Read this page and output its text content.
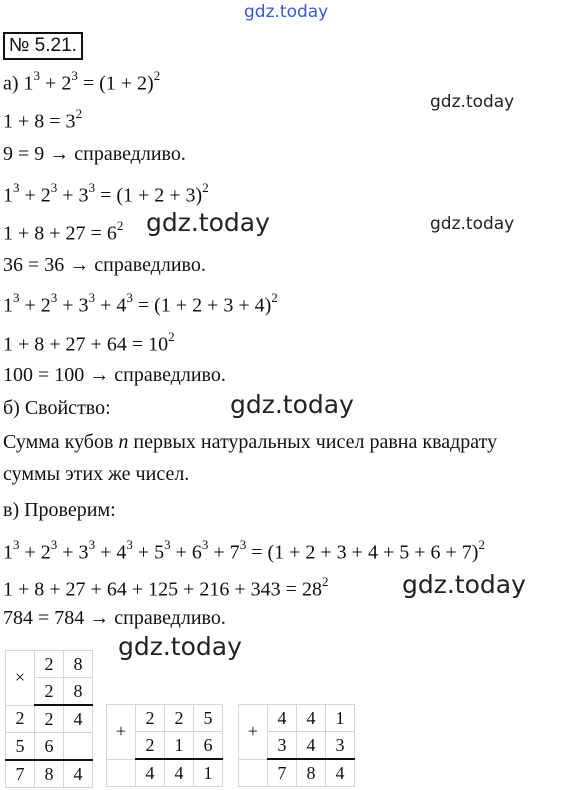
gdz.today
gdz.today
gdz.today
gdz.today
gdz.today
gdz.today
gdz.today
№ 5.21.
а) $1^3 + 2^3 = (1 + 2)^2$
$1 + 8 = 3^2$
9 = 9 → справедливо.
$1^3 + 2^3 + 3^3 = (1 + 2 + 3)^2$
$1 + 8 + 27 = 6^2$
36 = 36 → справедливо.
$1^3 + 2^3 + 3^3 + 4^3 = (1 + 2 + 3 + 4)^2$
$1 + 8 + 27 + 64 = 10^2$
100 = 100 → справедливо.
б) Свойство:
Сумма кубов n первых натуральных чисел равна квадрату
суммы этих же чисел.
в) Проверим:
$1^3 + 2^3 + 3^3 + 4^3 + 5^3 + 6^3 + 7^3 = (1 + 2 + 3 + 4 + 5 + 6 + 7)^2$
$1 + 8 + 27 + 64 + 125 + 216 + 343 = 28^2$
784 = 784 → справедливо.
×	2	8
	2	8
2	2	4
5	6	
7	8	4
+	2	2	5
	2	1	6
	4	4	1
+	4	4	1
	3	4	3
	7	8	4
